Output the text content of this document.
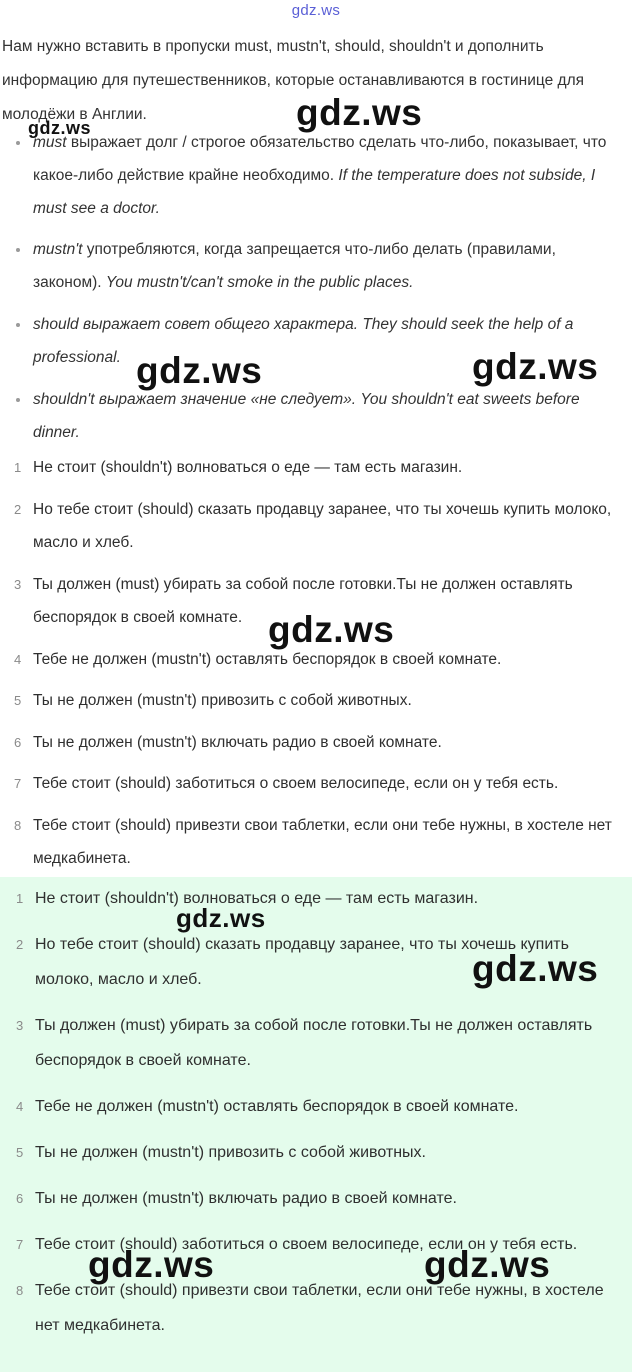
gdz.ws

Нам нужно вставить в пропуски must, mustn't, should, shouldn't и дополнить информацию для путешественников, которые останавливаются в гостинице для молодёжи в Англии.

must выражает долг / строгое обязательство сделать что-либо, показывает, что какое-либо действие крайне необходимо. If the temperature does not subside, I must see a doctor.
mustn't употребляются, когда запрещается что-либо делать (правилами, законом). You mustn't/can't smoke in the public places.
should выражает совет общего характера. They should seek the help of a professional.
shouldn't выражает значение «не следует». You shouldn't eat sweets before dinner.
1 Не стоит (shouldn't) волноваться о еде — там есть магазин.
2 Но тебе стоит (should) сказать продавцу заранее, что ты хочешь купить молоко, масло и хлеб.
3 Ты должен (must) убирать за собой после готовки.Ты не должен оставлять беспорядок в своей комнате.
4 Тебе не должен (mustn't) оставлять беспорядок в своей комнате.
5 Ты не должен (mustn't) привозить с собой животных.
6 Ты не должен (mustn't) включать радио в своей комнате.
7 Тебе стоит (should) заботиться о своем велосипеде, если он у тебя есть.
8 Тебе стоит (should) привезти свои таблетки, если они тебе нужны, в хостеле нет медкабинета.
1 Не стоит (shouldn't) волноваться о еде — там есть магазин.
2 Но тебе стоит (should) сказать продавцу заранее, что ты хочешь купить молоко, масло и хлеб.
3 Ты должен (must) убирать за собой после готовки.Ты не должен оставлять беспорядок в своей комнате.
4 Тебе не должен (mustn't) оставлять беспорядок в своей комнате.
5 Ты не должен (mustn't) привозить с собой животных.
6 Ты не должен (mustn't) включать радио в своей комнате.
7 Тебе стоит (should) заботиться о своем велосипеде, если он у тебя есть.
8 Тебе стоит (should) привезти свои таблетки, если они тебе нужны, в хостеле нет медкабинета.
gdz.ws
gdz.ws
gdz.ws	gdz.ws
gdz.ws
gdz.ws
gdz.ws
gdz.ws	gdz.ws
